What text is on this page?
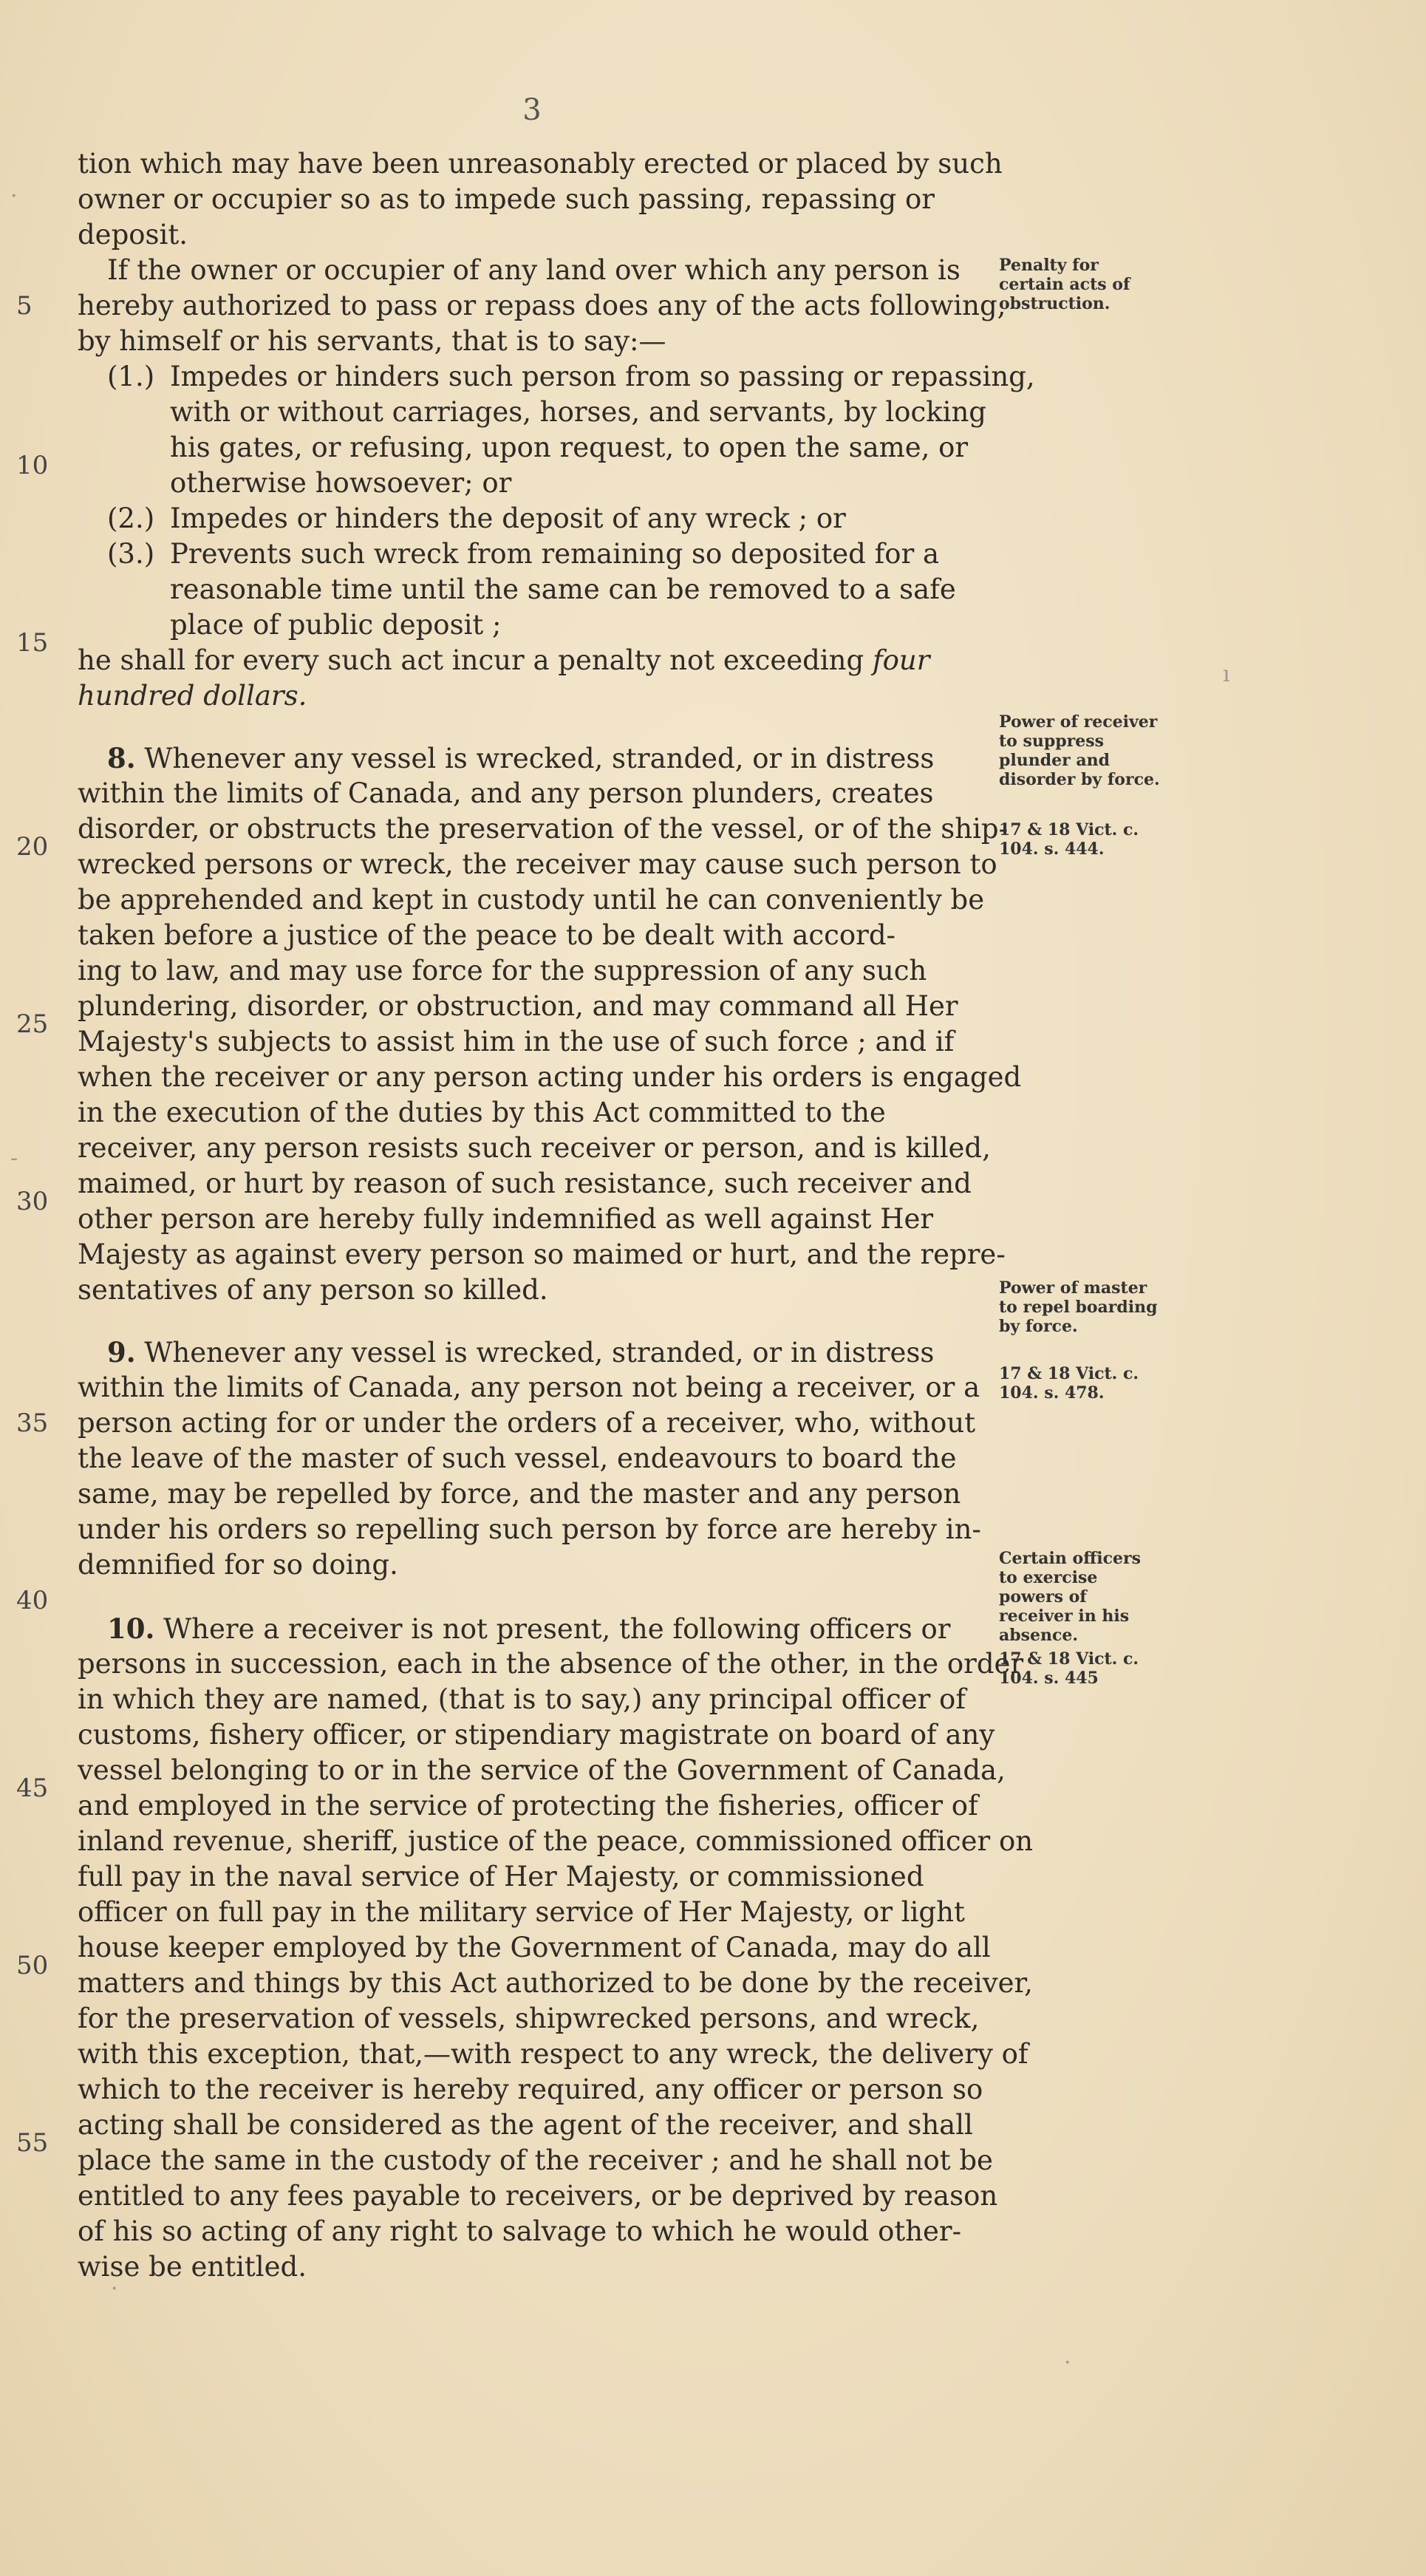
3
tion which may have been unreasonably erected or placed by such
owner or occupier so as to impede such passing, repassing or
deposit.
If the owner or occupier of any land over which any person is
hereby authorized to pass or repass does any of the acts following,
by himself or his servants, that is to say:—
(1.) Impedes or hinders such person from so passing or repassing,
with or without carriages, horses, and servants, by locking
his gates, or refusing, upon request, to open the same, or
otherwise howsoever; or
(2.) Impedes or hinders the deposit of any wreck ; or
(3.) Prevents such wreck from remaining so deposited for a
reasonable time until the same can be removed to a safe
place of public deposit ;
he shall for every such act incur a penalty not exceeding four
hundred dollars.
8. Whenever any vessel is wrecked, stranded, or in distress
within the limits of Canada, and any person plunders, creates
disorder, or obstructs the preservation of the vessel, or of the ship-
wrecked persons or wreck, the receiver may cause such person to
be apprehended and kept in custody until he can conveniently be
taken before a justice of the peace to be dealt with accord-
ing to law, and may use force for the suppression of any such
plundering, disorder, or obstruction, and may command all Her
Majesty's subjects to assist him in the use of such force ; and if
when the receiver or any person acting under his orders is engaged
in the execution of the duties by this Act committed to the
receiver, any person resists such receiver or person, and is killed,
maimed, or hurt by reason of such resistance, such receiver and
other person are hereby fully indemnified as well against Her
Majesty as against every person so maimed or hurt, and the repre-
sentatives of any person so killed.
9. Whenever any vessel is wrecked, stranded, or in distress
within the limits of Canada, any person not being a receiver, or a
person acting for or under the orders of a receiver, who, without
the leave of the master of such vessel, endeavours to board the
same, may be repelled by force, and the master and any person
under his orders so repelling such person by force are hereby in-
demnified for so doing.
10. Where a receiver is not present, the following officers or
persons in succession, each in the absence of the other, in the order
in which they are named, (that is to say,) any principal officer of
customs, fishery officer, or stipendiary magistrate on board of any
vessel belonging to or in the service of the Government of Canada,
and employed in the service of protecting the fisheries, officer of
inland revenue, sheriff, justice of the peace, commissioned officer on
full pay in the naval service of Her Majesty, or commissioned
officer on full pay in the military service of Her Majesty, or light
house keeper employed by the Government of Canada, may do all
matters and things by this Act authorized to be done by the receiver,
for the preservation of vessels, shipwrecked persons, and wreck,
with this exception, that,—with respect to any wreck, the delivery of
which to the receiver is hereby required, any officer or person so
acting shall be considered as the agent of the receiver, and shall
place the same in the custody of the receiver ; and he shall not be
entitled to any fees payable to receivers, or be deprived by reason
of his so acting of any right to salvage to which he would other-
wise be entitled.
5
10
15
20
25
30
35
40
45
50
55
Penalty for certain acts of obstruction.
Power of receiver to suppress plunder and disorder by force.
17 & 18 Vict. c. 104. s. 444.
Power of master to repel boarding by force.
17 & 18 Vict. c. 104. s. 478.
Certain officers to exercise powers of receiver in his absence.
17 & 18 Vict. c. 104. s. 445
·
ı
-
·
·
